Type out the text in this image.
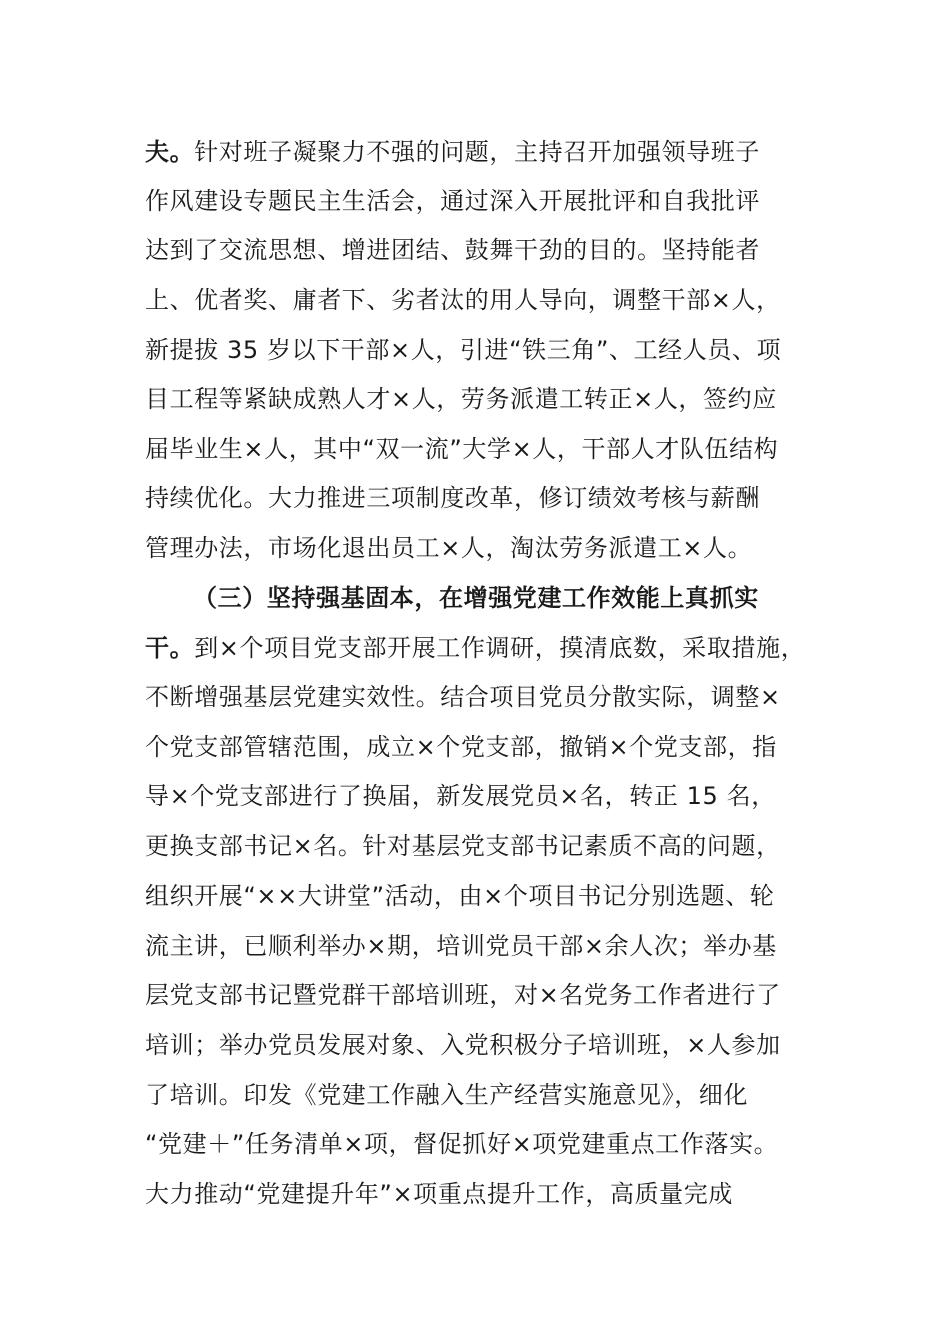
夫。针对班子凝聚力不强的问题，主持召开加强领导班子
作风建设专题民主生活会，通过深入开展批评和自我批评
达到了交流思想、增进团结、鼓舞干劲的目的。坚持能者
上、优者奖、庸者下、劣者汰的用人导向，调整干部×人，
新提拔 35 岁以下干部×人，引进“铁三角”、工经人员、项
目工程等紧缺成熟人才×人，劳务派遣工转正×人，签约应
届毕业生×人，其中“双一流”大学×人，干部人才队伍结构
持续优化。大力推进三项制度改革，修订绩效考核与薪酬
管理办法，市场化退出员工×人，淘汰劳务派遣工×人。
（三）坚持强基固本，在增强党建工作效能上真抓实
干。到×个项目党支部开展工作调研，摸清底数，采取措施，
不断增强基层党建实效性。结合项目党员分散实际，调整×
个党支部管辖范围，成立×个党支部，撤销×个党支部，指
导×个党支部进行了换届，新发展党员×名，转正 15 名，
更换支部书记×名。针对基层党支部书记素质不高的问题，
组织开展“××大讲堂”活动，由×个项目书记分别选题、轮
流主讲，已顺利举办×期，培训党员干部×余人次；举办基
层党支部书记暨党群干部培训班，对×名党务工作者进行了
培训；举办党员发展对象、入党积极分子培训班，×人参加
了培训。印发《党建工作融入生产经营实施意见》，细化
“党建＋”任务清单×项，督促抓好×项党建重点工作落实。
大力推动“党建提升年”×项重点提升工作，高质量完成
